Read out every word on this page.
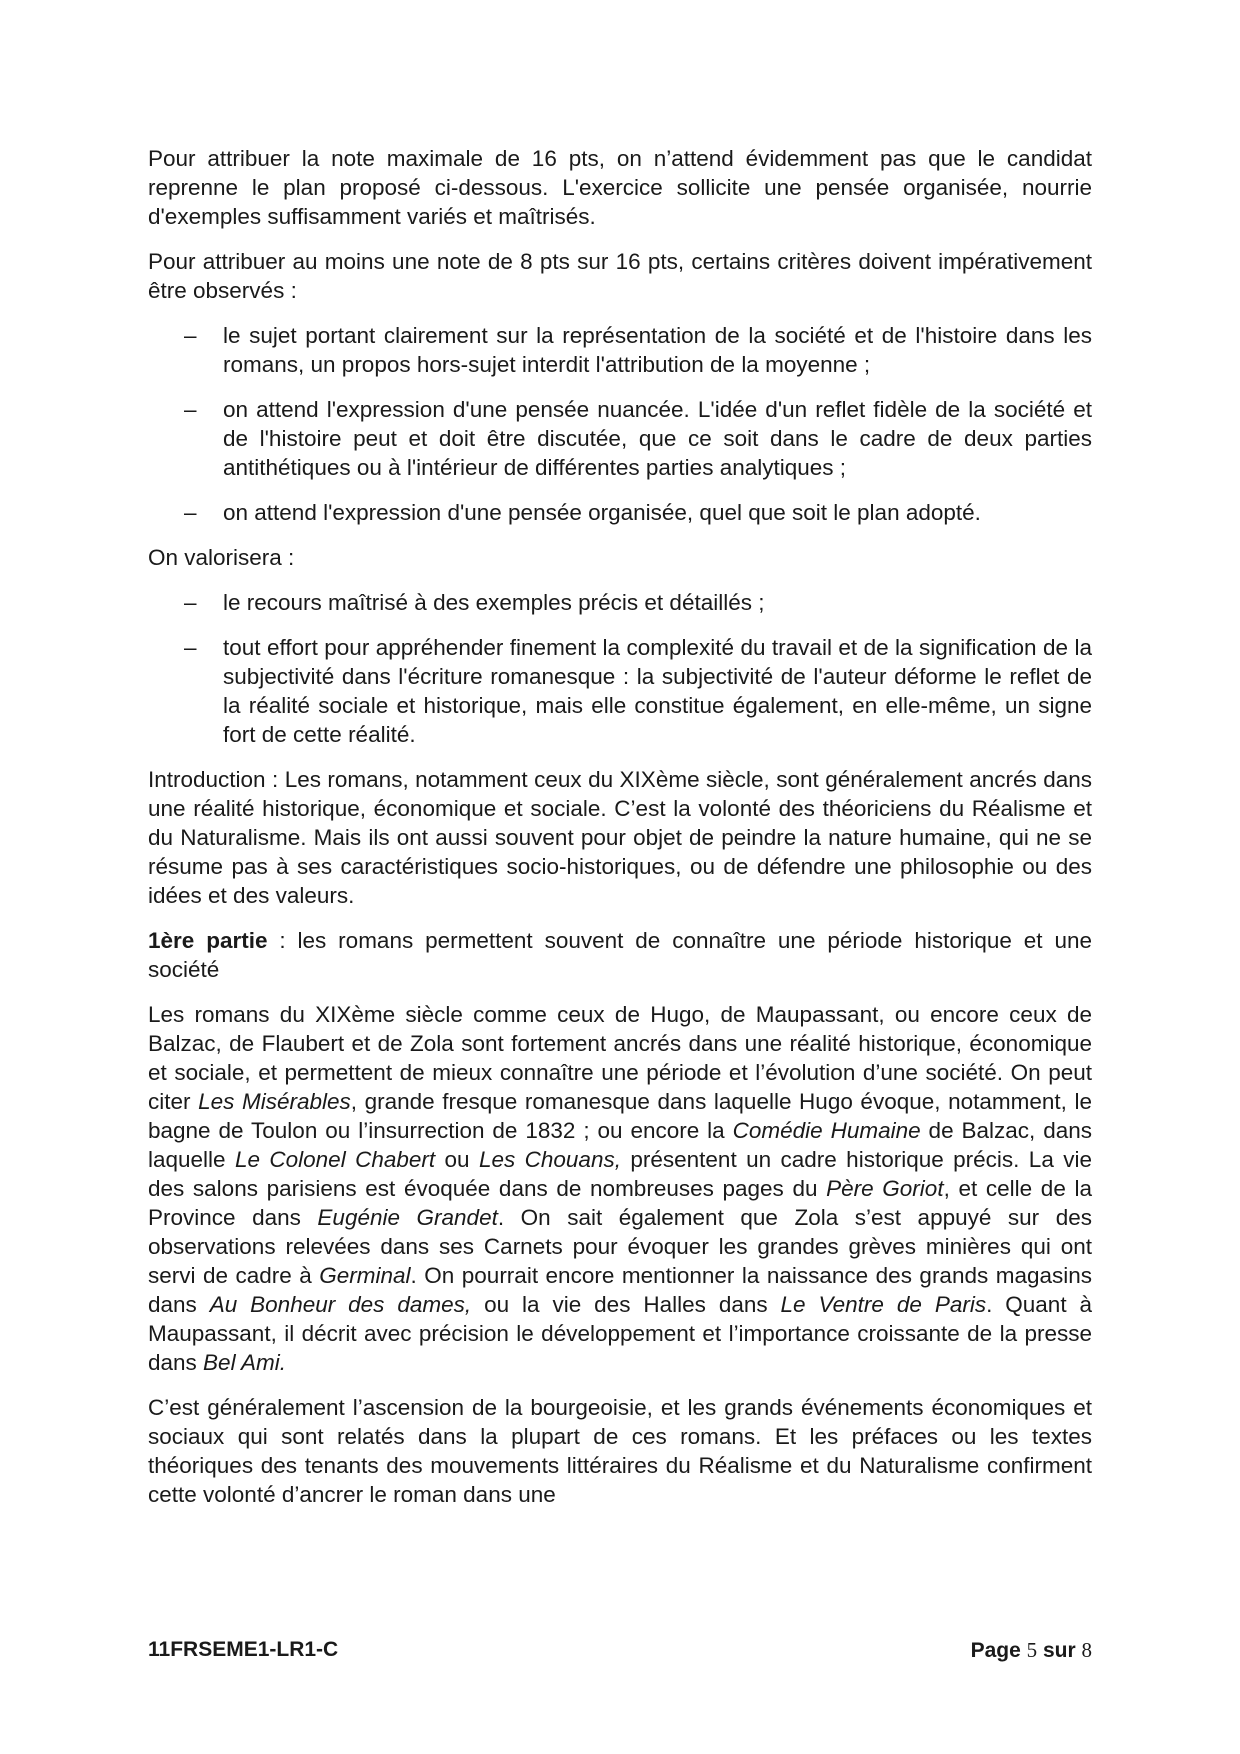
Pour attribuer la note maximale de 16 pts, on n’attend évidemment pas que le candidat reprenne le plan proposé ci-dessous. L'exercice sollicite une pensée organisée, nourrie d'exemples suffisamment variés et maîtrisés.

Pour attribuer au moins une note de 8 pts sur 16 pts, certains critères doivent impérativement être observés :

– le sujet portant clairement sur la représentation de la société et de l'histoire dans les romans, un propos hors-sujet interdit l'attribution de la moyenne ;
– on attend l'expression d'une pensée nuancée. L'idée d'un reflet fidèle de la société et de l'histoire peut et doit être discutée, que ce soit dans le cadre de deux parties antithétiques ou à l'intérieur de différentes parties analytiques ;
– on attend l'expression d'une pensée organisée, quel que soit le plan adopté.

On valorisera :

– le recours maîtrisé à des exemples précis et détaillés ;
– tout effort pour appréhender finement la complexité du travail et de la signification de la subjectivité dans l'écriture romanesque : la subjectivité de l'auteur déforme le reflet de la réalité sociale et historique, mais elle constitue également, en elle-même, un signe fort de cette réalité.

Introduction : Les romans, notamment ceux du XIXème siècle, sont généralement ancrés dans une réalité historique, économique et sociale. C’est la volonté des théoriciens du Réalisme et du Naturalisme. Mais ils ont aussi souvent pour objet de peindre la nature humaine, qui ne se résume pas à ses caractéristiques socio-historiques, ou de défendre une philosophie ou des idées et des valeurs.

1ère partie : les romans permettent souvent de connaître une période historique et une société

Les romans du XIXème siècle comme ceux de Hugo, de Maupassant, ou encore ceux de Balzac, de Flaubert et de Zola sont fortement ancrés dans une réalité historique, économique et sociale, et permettent de mieux connaître une période et l’évolution d’une société. On peut citer Les Misérables, grande fresque romanesque dans laquelle Hugo évoque, notamment, le bagne de Toulon ou l’insurrection de 1832 ; ou encore la Comédie Humaine de Balzac, dans laquelle Le Colonel Chabert ou Les Chouans, présentent un cadre historique précis. La vie des salons parisiens est évoquée dans de nombreuses pages du Père Goriot, et celle de la Province dans Eugénie Grandet. On sait également que Zola s’est appuyé sur des observations relevées dans ses Carnets pour évoquer les grandes grèves minières qui ont servi de cadre à Germinal. On pourrait encore mentionner la naissance des grands magasins dans Au Bonheur des dames, ou la vie des Halles dans Le Ventre de Paris. Quant à Maupassant, il décrit avec précision le développement et l’importance croissante de la presse dans Bel Ami.

C’est généralement l’ascension de la bourgeoisie, et les grands événements économiques et sociaux qui sont relatés dans la plupart de ces romans. Et les préfaces ou les textes théoriques des tenants des mouvements littéraires du Réalisme et du Naturalisme confirment cette volonté d’ancrer le roman dans une

11FRSEME1-LR1-C	Page 5 sur 8
